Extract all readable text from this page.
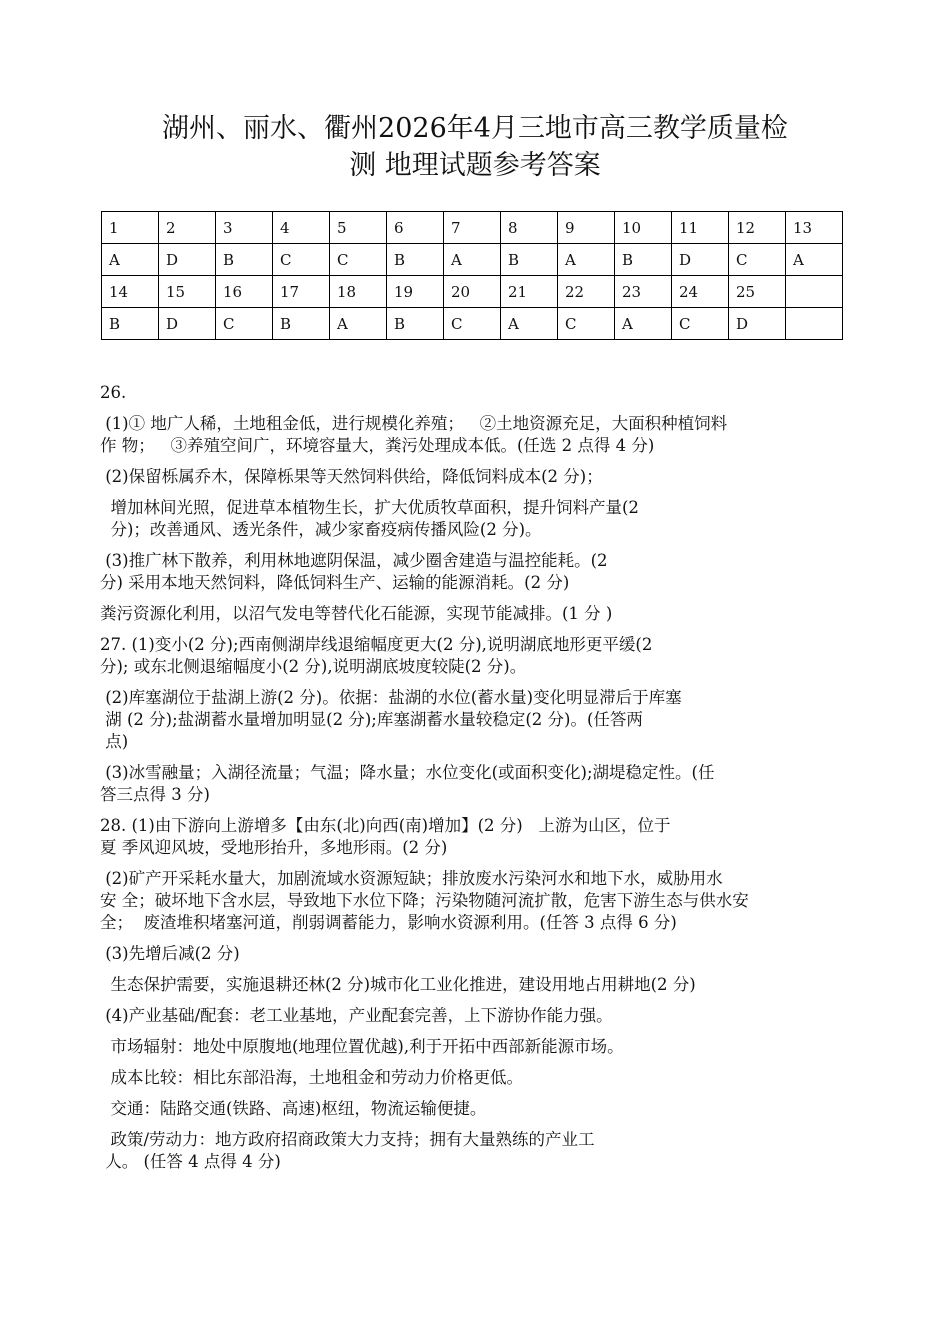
湖州、丽水、衢州2026年4月三地市高三教学质量检
测 地理试题参考答案
1	2	3	4	5	6	7	8	9	10	11	12	13
A	D	B	C	C	B	A	B	A	B	D	C	A
14	15	16	17	18	19	20	21	22	23	24	25	
B	D	C	B	A	B	C	A	C	A	C	D	

26.

(1)① 地广人稀，土地租金低，进行规模化养殖；   ②土地资源充足，大面积种植饲料
作 物；   ③养殖空间广，环境容量大，粪污处理成本低。(任选 2 点得 4 分)

(2)保留栎属乔木，保障栎果等天然饲料供给，降低饲料成本(2 分)；

增加林间光照，促进草本植物生长，扩大优质牧草面积，提升饲料产量(2
分)；改善通风、透光条件，减少家畜疫病传播风险(2 分)。

(3)推广林下散养，利用林地遮阴保温，减少圈舍建造与温控能耗。(2
分) 采用本地天然饲料，降低饲料生产、运输的能源消耗。(2 分)

粪污资源化利用，以沼气发电等替代化石能源，实现节能减排。(1 分 )

27. (1)变小(2 分);西南侧湖岸线退缩幅度更大(2 分),说明湖底地形更平缓(2
分); 或东北侧退缩幅度小(2 分),说明湖底坡度较陡(2 分)。

(2)库塞湖位于盐湖上游(2 分)。依据：盐湖的水位(蓄水量)变化明显滞后于库塞
湖 (2 分);盐湖蓄水量增加明显(2 分);库塞湖蓄水量较稳定(2 分)。(任答两
点)

(3)冰雪融量；入湖径流量；气温；降水量；水位变化(或面积变化);湖堤稳定性。(任
答三点得 3 分)

28. (1)由下游向上游增多【由东(北)向西(南)增加】(2 分)   上游为山区，位于
夏 季风迎风坡，受地形抬升，多地形雨。(2 分)

(2)矿产开采耗水量大，加剧流域水资源短缺；排放废水污染河水和地下水，威胁用水
安 全；破坏地下含水层，导致地下水位下降；污染物随河流扩散，危害下游生态与供水安
全；  废渣堆积堵塞河道，削弱调蓄能力，影响水资源利用。(任答 3 点得 6 分)

(3)先增后减(2 分)

生态保护需要，实施退耕还林(2 分)城市化工业化推进，建设用地占用耕地(2 分)

(4)产业基础/配套：老工业基地，产业配套完善，上下游协作能力强。

市场辐射：地处中原腹地(地理位置优越),利于开拓中西部新能源市场。

成本比较：相比东部沿海，土地租金和劳动力价格更低。

交通：陆路交通(铁路、高速)枢纽，物流运输便捷。

政策/劳动力：地方政府招商政策大力支持；拥有大量熟练的产业工
人。 (任答 4 点得 4 分)
